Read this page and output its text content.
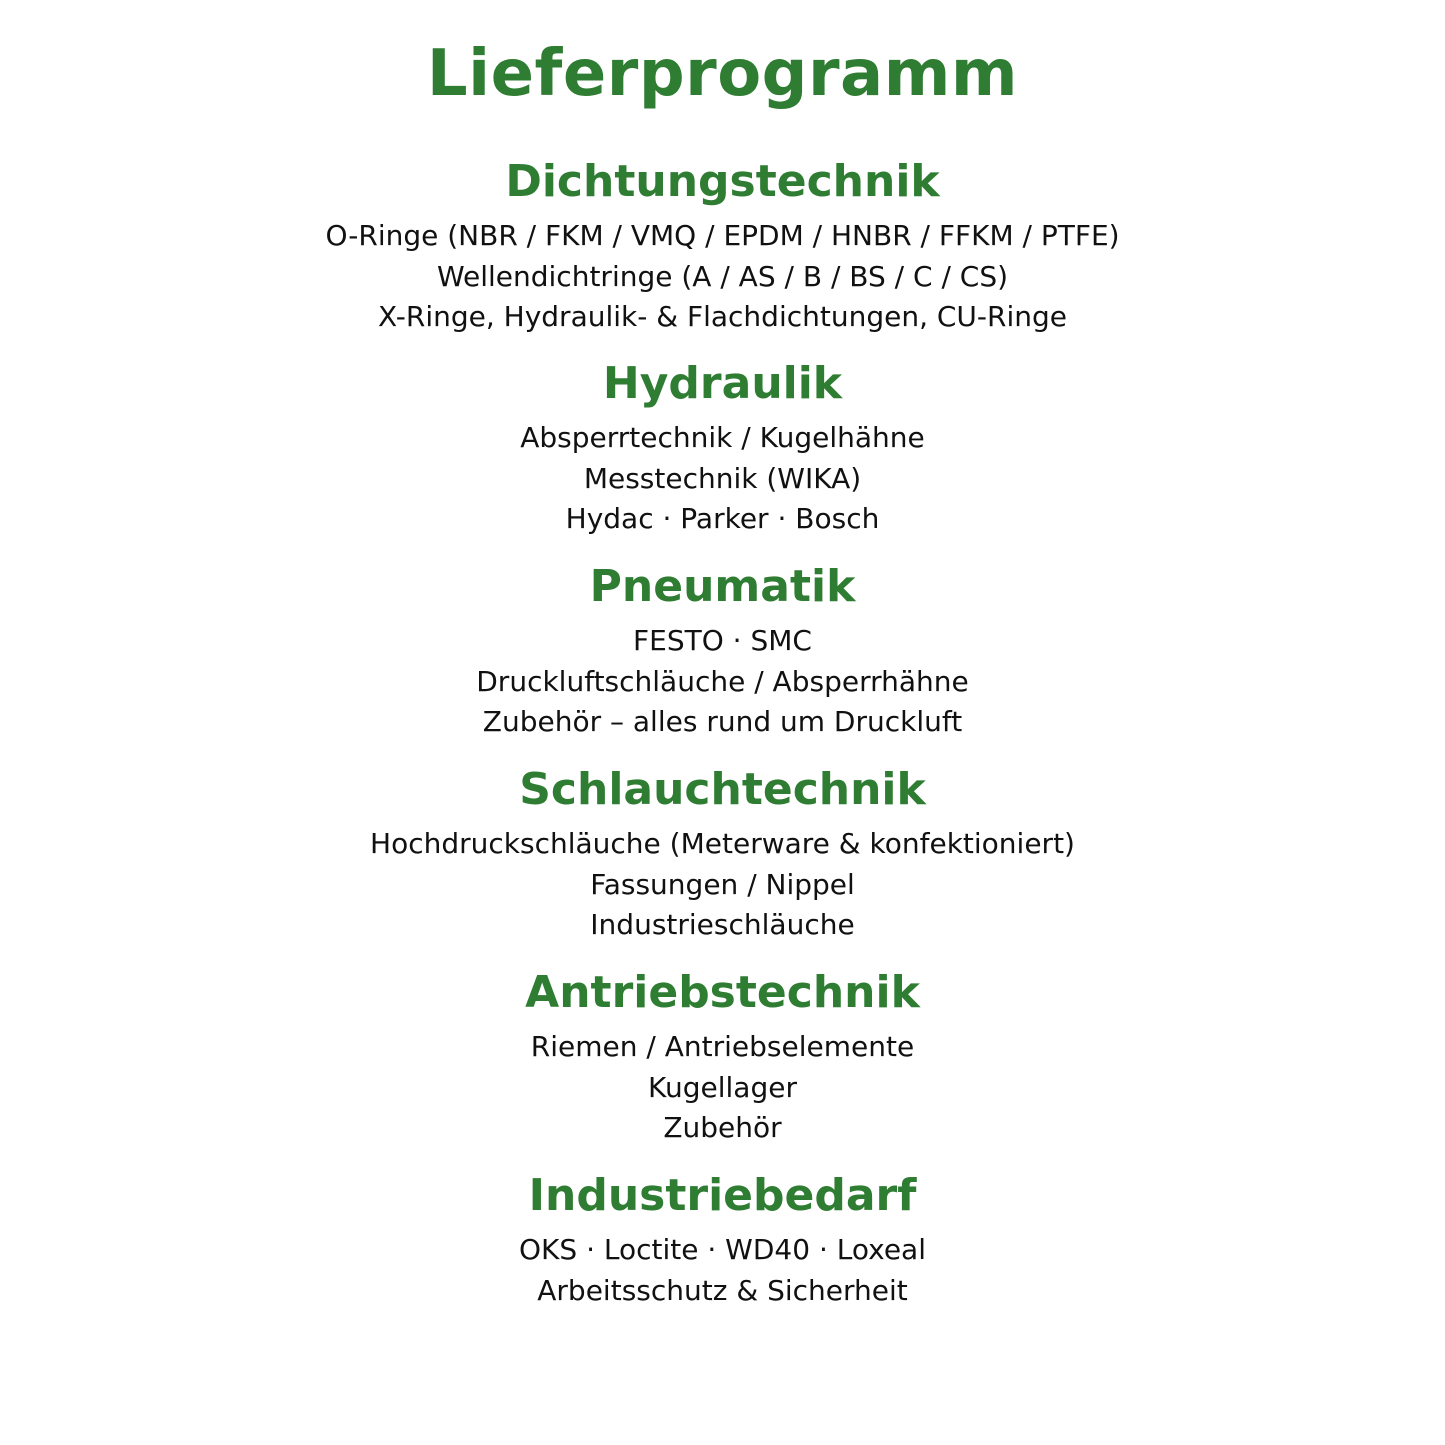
Lieferprogramm
Dichtungstechnik
O-Ringe (NBR / FKM / VMQ / EPDM / HNBR / FFKM / PTFE)
Wellendichtringe (A / AS / B / BS / C / CS)
X-Ringe, Hydraulik- & Flachdichtungen, CU-Ringe
Hydraulik
Absperrtechnik / Kugelhähne
Messtechnik (WIKA)
Hydac · Parker · Bosch
Pneumatik
FESTO · SMC
Druckluftschläuche / Absperrhähne
Zubehör – alles rund um Druckluft
Schlauchtechnik
Hochdruckschläuche (Meterware & konfektioniert)
Fassungen / Nippel
Industrieschläuche
Antriebstechnik
Riemen / Antriebselemente
Kugellager
Zubehör
Industriebedarf
OKS · Loctite · WD40 · Loxeal
Arbeitsschutz & Sicherheit
